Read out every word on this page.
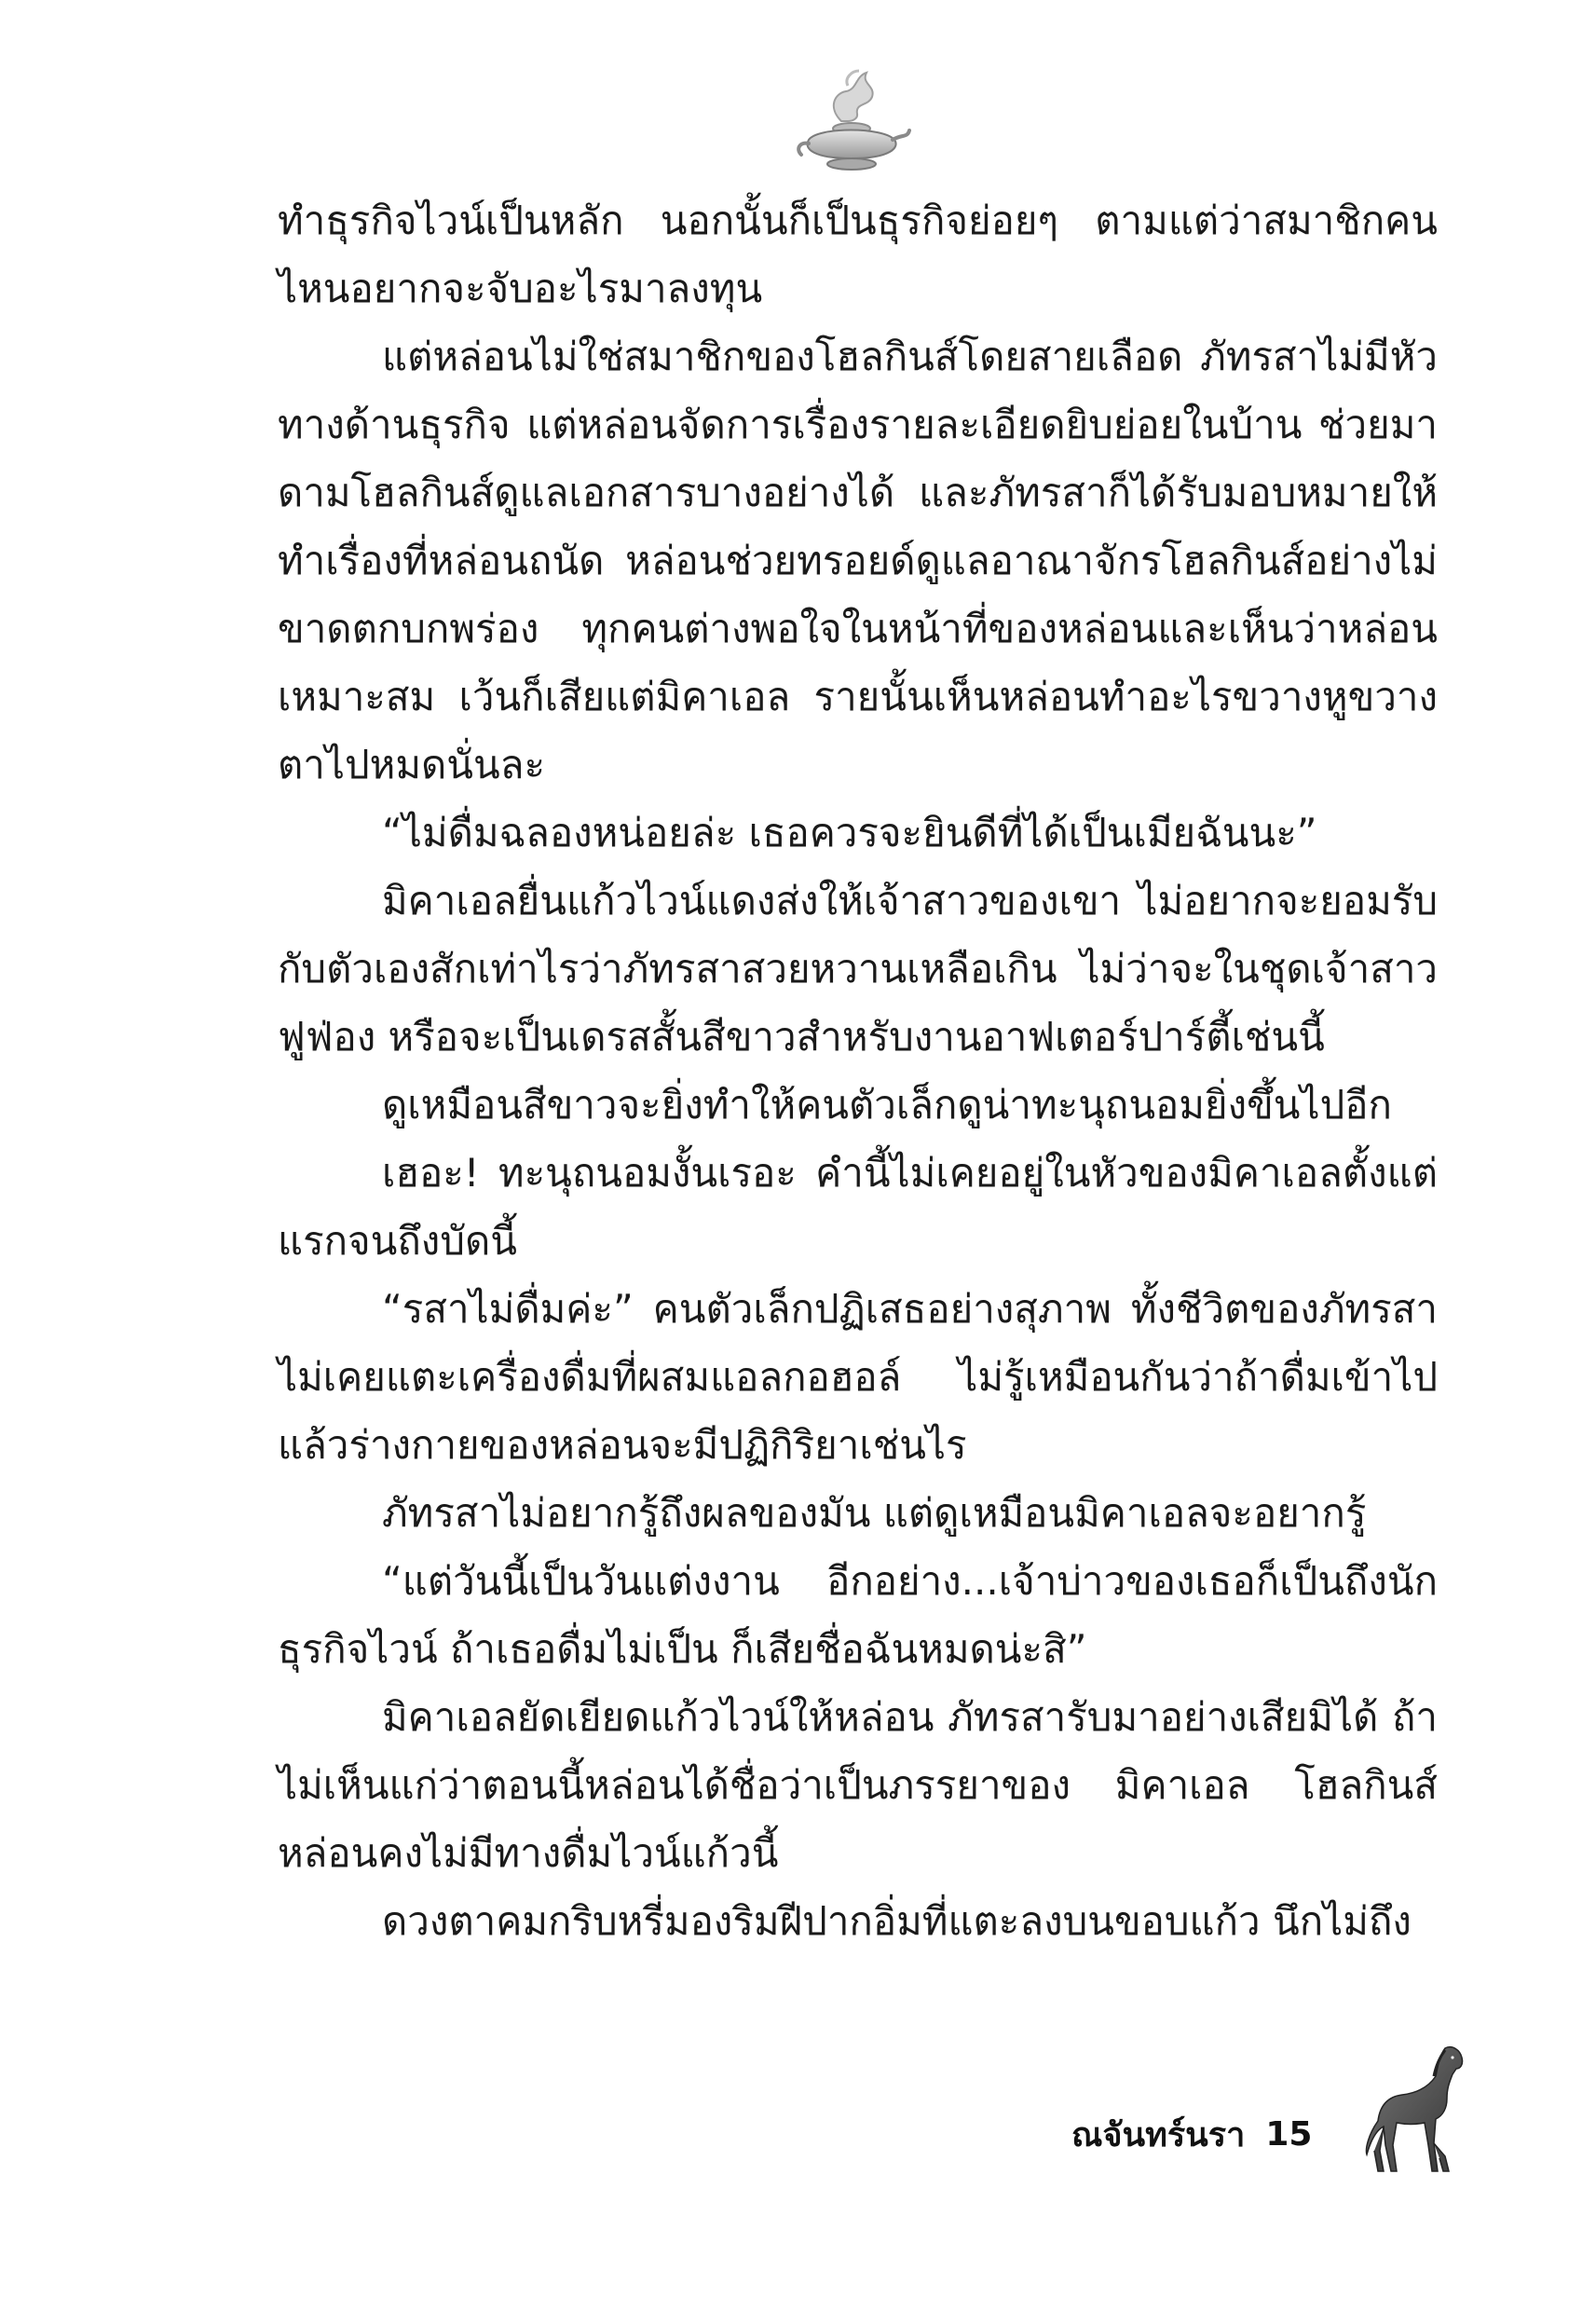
ทำธุรกิจไวน์เป็นหลัก นอกนั้นก็เป็นธุรกิจย่อยๆ ตามแต่ว่าสมาชิกคนไหนอยากจะจับอะไรมาลงทุน

แต่หล่อนไม่ใช่สมาชิกของโฮลกินส์โดยสายเลือด ภัทรสาไม่มีหัวทางด้านธุรกิจ แต่หล่อนจัดการเรื่องรายละเอียดยิบย่อยในบ้าน ช่วยมาดามโฮลกินส์ดูแลเอกสารบางอย่างได้ และภัทรสาก็ได้รับมอบหมายให้ทำเรื่องที่หล่อนถนัด หล่อนช่วยทรอยด์ดูแลอาณาจักรโฮลกินส์อย่างไม่ขาดตกบกพร่อง ทุกคนต่างพอใจในหน้าที่ของหล่อนและเห็นว่าหล่อนเหมาะสม เว้นก็เสียแต่มิคาเอล รายนั้นเห็นหล่อนทำอะไรขวางหูขวางตาไปหมดนั่นละ

“ไม่ดื่มฉลองหน่อยล่ะ เธอควรจะยินดีที่ได้เป็นเมียฉันนะ”

มิคาเอลยื่นแก้วไวน์แดงส่งให้เจ้าสาวของเขา ไม่อยากจะยอมรับกับตัวเองสักเท่าไรว่าภัทรสาสวยหวานเหลือเกิน ไม่ว่าจะในชุดเจ้าสาวฟูฟ่อง หรือจะเป็นเดรสสั้นสีขาวสำหรับงานอาฟเตอร์ปาร์ตี้เช่นนี้

ดูเหมือนสีขาวจะยิ่งทำให้คนตัวเล็กดูน่าทะนุถนอมยิ่งขึ้นไปอีก

เฮอะ! ทะนุถนอมงั้นเรอะ คำนี้ไม่เคยอยู่ในหัวของมิคาเอลตั้งแต่แรกจนถึงบัดนี้

“รสาไม่ดื่มค่ะ” คนตัวเล็กปฏิเสธอย่างสุภาพ ทั้งชีวิตของภัทรสาไม่เคยแตะเครื่องดื่มที่ผสมแอลกอฮอล์ ไม่รู้เหมือนกันว่าถ้าดื่มเข้าไปแล้วร่างกายของหล่อนจะมีปฏิกิริยาเช่นไร

ภัทรสาไม่อยากรู้ถึงผลของมัน แต่ดูเหมือนมิคาเอลจะอยากรู้

“แต่วันนี้เป็นวันแต่งงาน อีกอย่าง...เจ้าบ่าวของเธอก็เป็นถึงนักธุรกิจไวน์ ถ้าเธอดื่มไม่เป็น ก็เสียชื่อฉันหมดน่ะสิ”

มิคาเอลยัดเยียดแก้วไวน์ให้หล่อน ภัทรสารับมาอย่างเสียมิได้ ถ้าไม่เห็นแก่ว่าตอนนี้หล่อนได้ชื่อว่าเป็นภรรยาของ มิคาเอล โฮลกินส์หล่อนคงไม่มีทางดื่มไวน์แก้วนี้

ดวงตาคมกริบหรี่มองริมฝีปากอิ่มที่แตะลงบนขอบแก้ว นึกไม่ถึง

ณจันทร์นรา 15
